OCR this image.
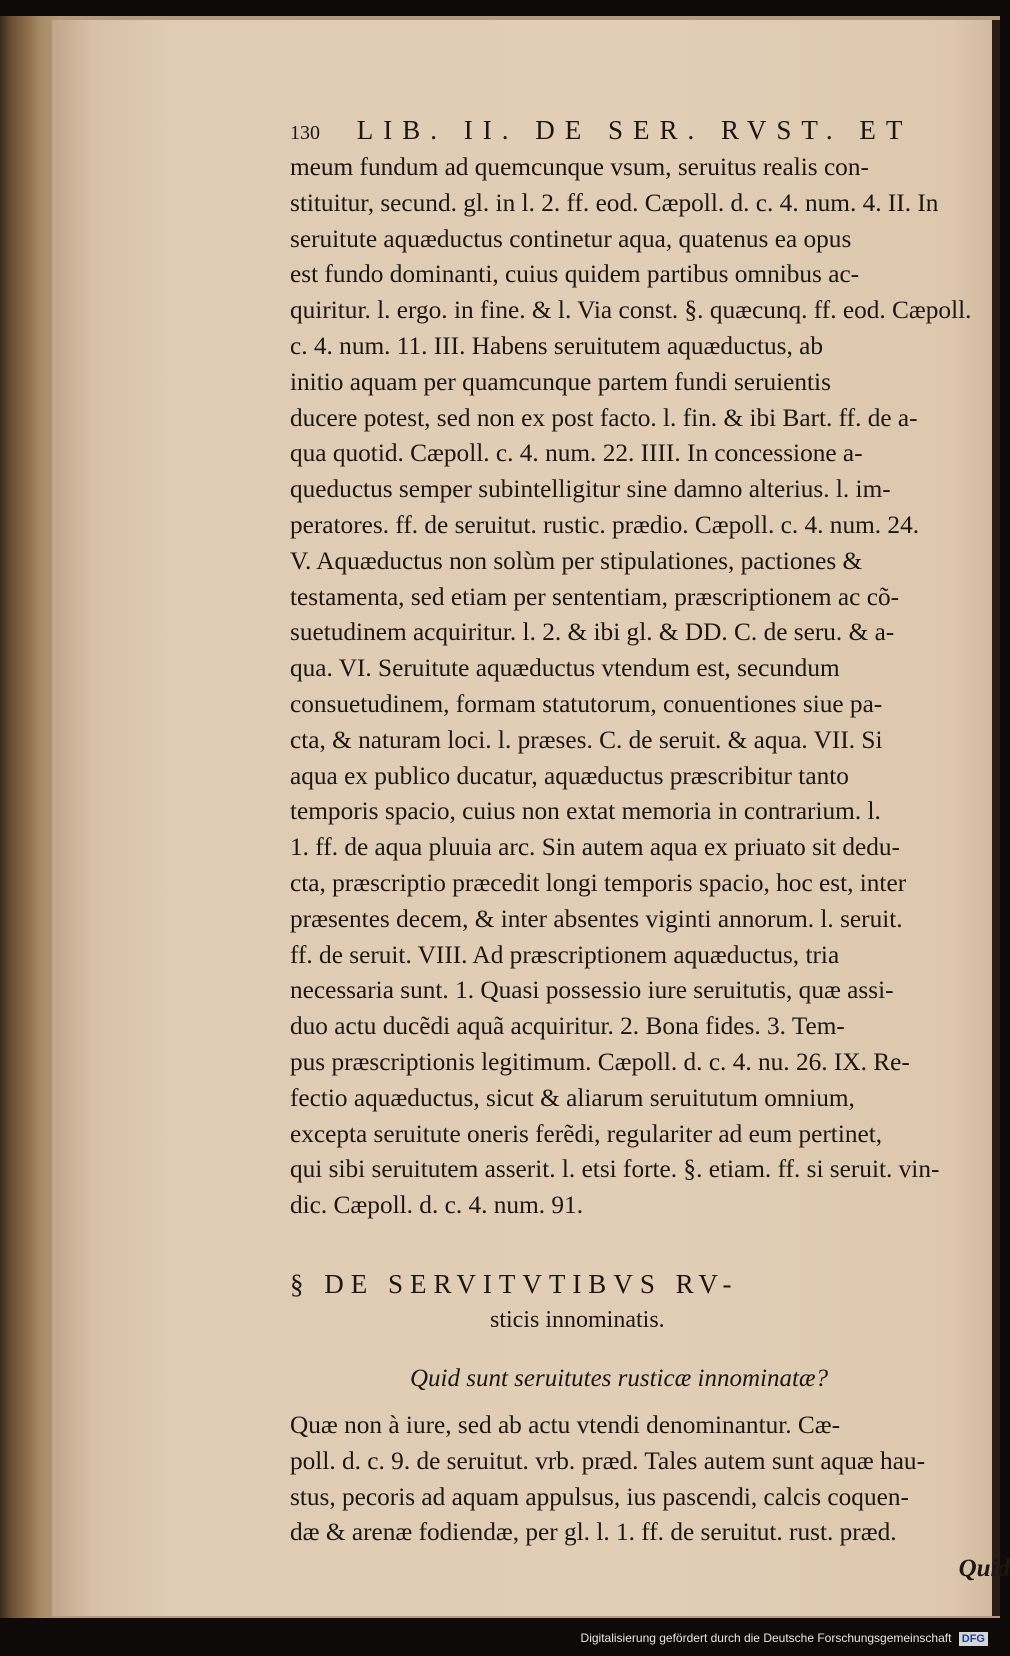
130 LIB. II. DE SER. RVST. ET
meum fundum ad quemcunque vsum, seruitus realis con-
stituitur, secund. gl. in l. 2. ff. eod. Cæpoll. d. c. 4. num. 4. II. In
seruitute aquæductus continetur aqua, quatenus ea opus
est fundo dominanti, cuius quidem partibus omnibus ac-
quiritur. l. ergo. in fine. & l. Via const. §. quæcunq. ff. eod. Cæpoll.
c. 4. num. 11. III. Habens seruitutem aquæductus, ab
initio aquam per quamcunque partem fundi seruientis
ducere potest, sed non ex post facto. l. fin. & ibi Bart. ff. de a-
qua quotid. Cæpoll. c. 4. num. 22. IIII. In concessione a-
queductus semper subintelligitur sine damno alterius. l. im-
peratores. ff. de seruitut. rustic. prædio. Cæpoll. c. 4. num. 24.
V. Aquæductus non solùm per stipulationes, pactiones &
testamenta, sed etiam per sententiam, præscriptionem ac cõ-
suetudinem acquiritur. l. 2. & ibi gl. & DD. C. de seru. & a-
qua. VI. Seruitute aquæductus vtendum est, secundum
consuetudinem, formam statutorum, conuentiones siue pa-
cta, & naturam loci. l. præses. C. de seruit. & aqua. VII. Si
aqua ex publico ducatur, aquæductus præscribitur tanto
temporis spacio, cuius non extat memoria in contrarium. l.
1. ff. de aqua pluuia arc. Sin autem aqua ex priuato sit dedu-
cta, præscriptio præcedit longi temporis spacio, hoc est, inter
præsentes decem, & inter absentes viginti annorum. l. seruit.
ff. de seruit. VIII. Ad præscriptionem aquæductus, tria
necessaria sunt. 1. Quasi possessio iure seruitutis, quæ assi-
duo actu ducẽdi aquã acquiritur. 2. Bona fides. 3. Tem-
pus præscriptionis legitimum. Cæpoll. d. c. 4. nu. 26. IX. Re-
fectio aquæductus, sicut & aliarum seruitutum omnium,
excepta seruitute oneris ferẽdi, regulariter ad eum pertinet,
qui sibi seruitutem asserit. l. etsi forte. §. etiam. ff. si seruit. vin-
dic. Cæpoll. d. c. 4. num. 91.
§ DE SERVITVTIBVS RV-
sticis innominatis.
Quid sunt seruitutes rusticæ innominatæ?
Quæ non à iure, sed ab actu vtendi denominantur. Cæ-
poll. d. c. 9. de seruitut. vrb. præd. Tales autem sunt aquæ hau-
stus, pecoris ad aquam appulsus, ius pascendi, calcis coquen-
dæ & arenæ fodiendæ, per gl. l. 1. ff. de seruitut. rust. præd.
Quid
Digitalisierung gefördert durch die Deutsche Forschungsgemeinschaft DFG
